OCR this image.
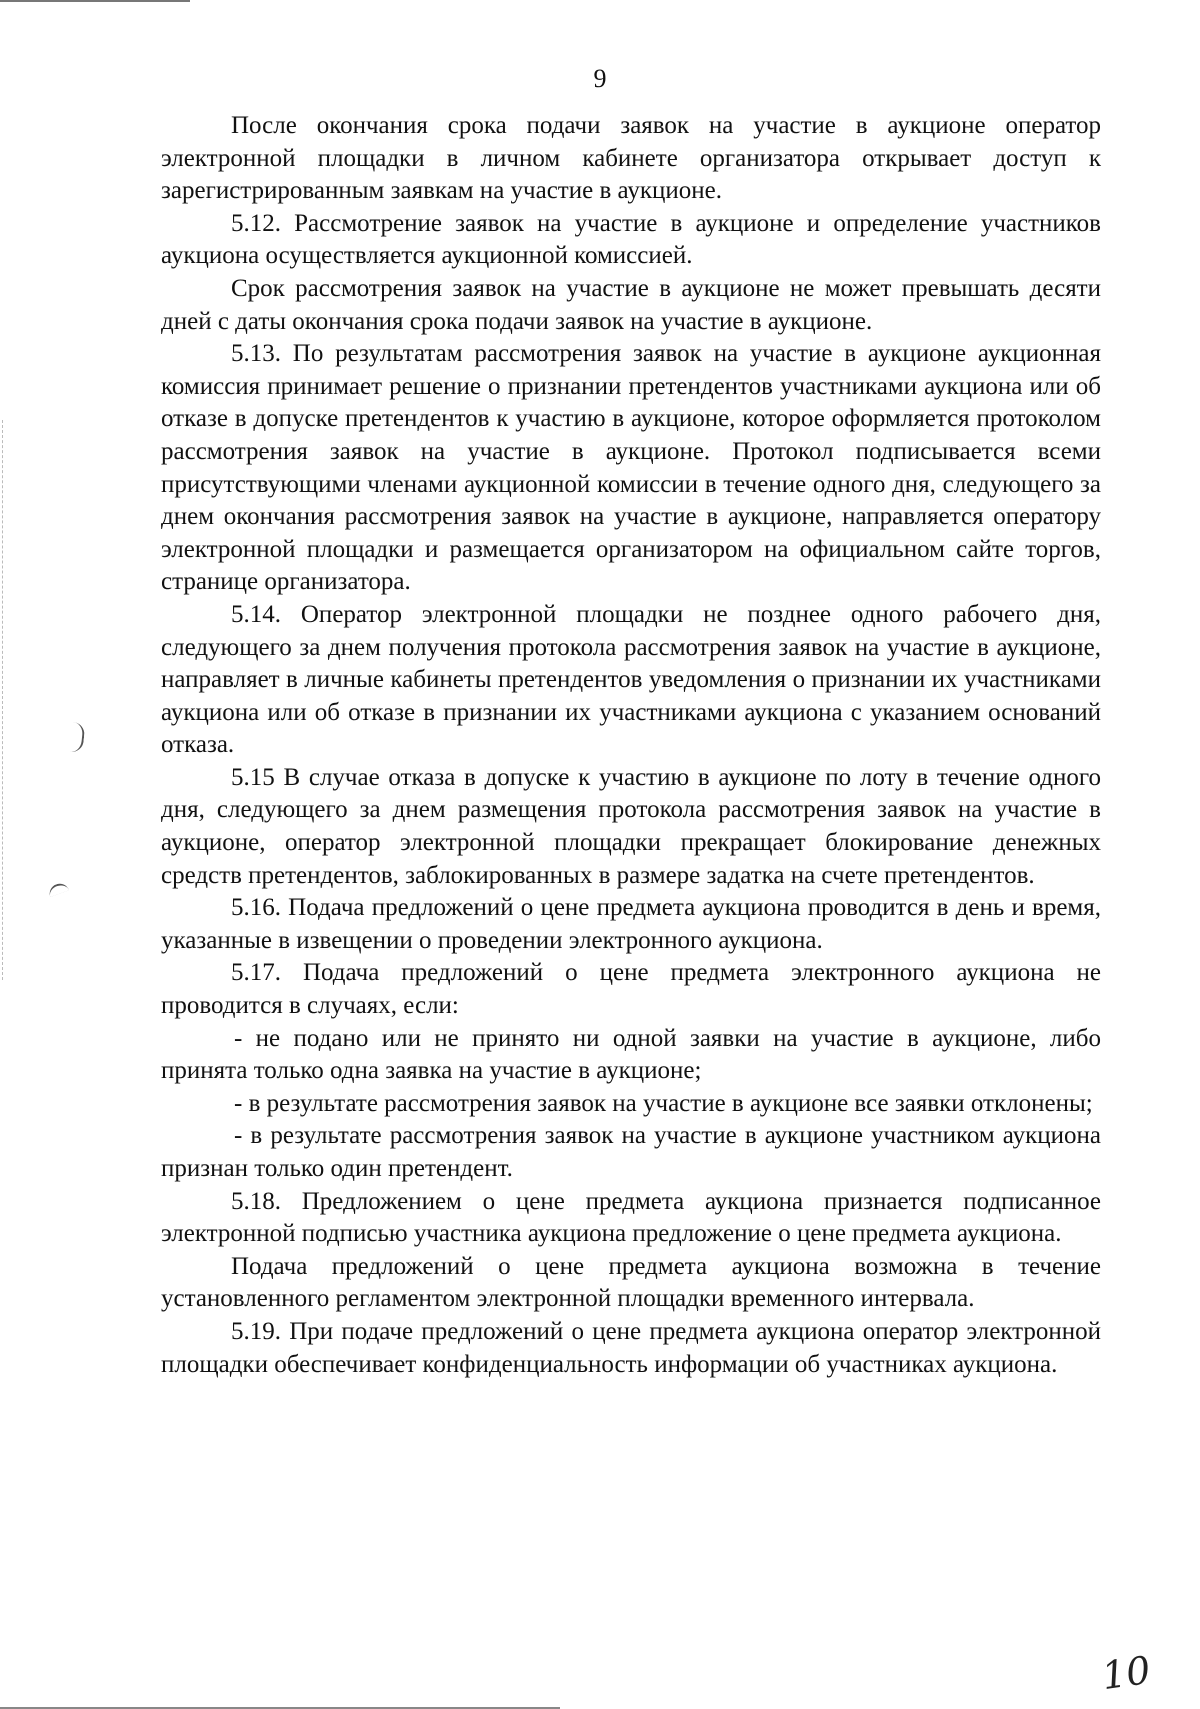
9

После окончания срока подачи заявок на участие в аукционе оператор электронной площадки в личном кабинете организатора открывает доступ к зарегистрированным заявкам на участие в аукционе.

5.12. Рассмотрение заявок на участие в аукционе и определение участников аукциона осуществляется аукционной комиссией.

Срок рассмотрения заявок на участие в аукционе не может превышать десяти дней с даты окончания срока подачи заявок на участие в аукционе.

5.13. По результатам рассмотрения заявок на участие в аукционе аукционная комиссия принимает решение о признании претендентов участниками аукциона или об отказе в допуске претендентов к участию в аукционе, которое оформляется протоколом рассмотрения заявок на участие в аукционе. Протокол подписывается всеми присутствующими членами аукционной комиссии в течение одного дня, следующего за днем окончания рассмотрения заявок на участие в аукционе, направляется оператору электронной площадки и размещается организатором на официальном сайте торгов, странице организатора.

5.14. Оператор электронной площадки не позднее одного рабочего дня, следующего за днем получения протокола рассмотрения заявок на участие в аукционе, направляет в личные кабинеты претендентов уведомления о признании их участниками аукциона или об отказе в признании их участниками аукциона с указанием оснований отказа.

5.15 В случае отказа в допуске к участию в аукционе по лоту в течение одного дня, следующего за днем размещения протокола рассмотрения заявок на участие в аукционе, оператор электронной площадки прекращает блокирование денежных средств претендентов, заблокированных в размере задатка на счете претендентов.

5.16. Подача предложений о цене предмета аукциона проводится в день и время, указанные в извещении о проведении электронного аукциона.

5.17. Подача предложений о цене предмета электронного аукциона не проводится в случаях, если:

- не подано или не принято ни одной заявки на участие в аукционе, либо принята только одна заявка на участие в аукционе;

- в результате рассмотрения заявок на участие в аукционе все заявки отклонены;

- в результате рассмотрения заявок на участие в аукционе участником аукциона признан только один претендент.

5.18. Предложением о цене предмета аукциона признается подписанное электронной подписью участника аукциона предложение о цене предмета аукциона.

Подача предложений о цене предмета аукциона возможна в течение установленного регламентом электронной площадки временного интервала.

5.19. При подаче предложений о цене предмета аукциона оператор электронной площадки обеспечивает конфиденциальность информации об участниках аукциона.

10
